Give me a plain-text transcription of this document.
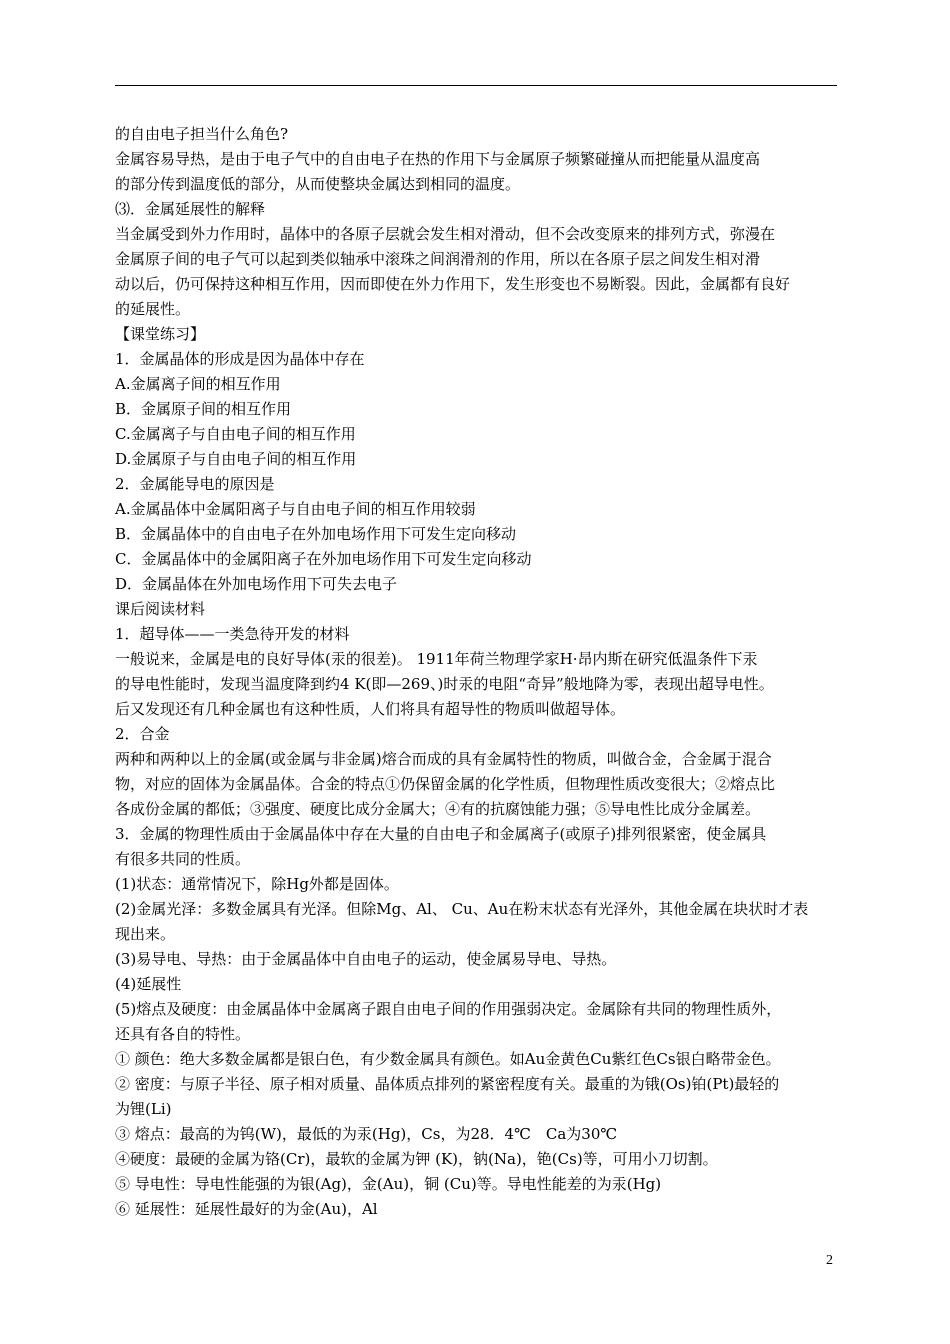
的自由电子担当什么角色?

金属容易导热，是由于电子气中的自由电子在热的作用下与金属原子频繁碰撞从而把能量从温度高

的部分传到温度低的部分，从而使整块金属达到相同的温度。

⑶．金属延展性的解释

当金属受到外力作用时，晶体中的各原子层就会发生相对滑动，但不会改变原来的排列方式，弥漫在

金属原子间的电子气可以起到类似轴承中滚珠之间润滑剂的作用，所以在各原子层之间发生相对滑

动以后，仍可保持这种相互作用，因而即使在外力作用下，发生形变也不易断裂。因此，金属都有良好

的延展性。

【课堂练习】

1．金属晶体的形成是因为晶体中存在

A.金属离子间的相互作用

B．金属原子间的相互作用

C.金属离子与自由电子间的相互作用

D.金属原子与自由电子间的相互作用

2．金属能导电的原因是

A.金属晶体中金属阳离子与自由电子间的相互作用较弱

B．金属晶体中的自由电子在外加电场作用下可发生定向移动

C．金属晶体中的金属阳离子在外加电场作用下可发生定向移动

D．金属晶体在外加电场作用下可失去电子

课后阅读材料

1．超导体——一类急待开发的材料

一般说来，金属是电的良好导体(汞的很差)。 1911年荷兰物理学家H·昂内斯在研究低温条件下汞

的导电性能时，发现当温度降到约4 K(即—269、)时汞的电阻“奇异”般地降为零，表现出超导电性。

后又发现还有几种金属也有这种性质，人们将具有超导性的物质叫做超导体。

2．合金

两种和两种以上的金属(或金属与非金属)熔合而成的具有金属特性的物质，叫做合金，合金属于混合

物，对应的固体为金属晶体。合金的特点①仍保留金属的化学性质，但物理性质改变很大；②熔点比

各成份金属的都低；③强度、硬度比成分金属大；④有的抗腐蚀能力强；⑤导电性比成分金属差。

3．金属的物理性质由于金属晶体中存在大量的自由电子和金属离子(或原子)排列很紧密，使金属具

有很多共同的性质。

(1)状态：通常情况下，除Hg外都是固体。

(2)金属光泽：多数金属具有光泽。但除Mg、Al、 Cu、Au在粉末状态有光泽外，其他金属在块状时才表

现出来。

(3)易导电、导热：由于金属晶体中自由电子的运动，使金属易导电、导热。

(4)延展性

(5)熔点及硬度：由金属晶体中金属离子跟自由电子间的作用强弱决定。金属除有共同的物理性质外，

还具有各自的特性。

① 颜色：绝大多数金属都是银白色，有少数金属具有颜色。如Au金黄色Cu紫红色Cs银白略带金色。

② 密度：与原子半径、原子相对质量、晶体质点排列的紧密程度有关。最重的为锇(Os)铂(Pt)最轻的

为锂(Li)

③ 熔点：最高的为钨(W)，最低的为汞(Hg)，Cs，为28．4℃　Ca为30℃

④硬度：最硬的金属为铬(Cr)，最软的金属为钾 (K)，钠(Na)，铯(Cs)等，可用小刀切割。

⑤ 导电性：导电性能强的为银(Ag)，金(Au)，铜 (Cu)等。导电性能差的为汞(Hg)

⑥ 延展性：延展性最好的为金(Au)，Al

2
